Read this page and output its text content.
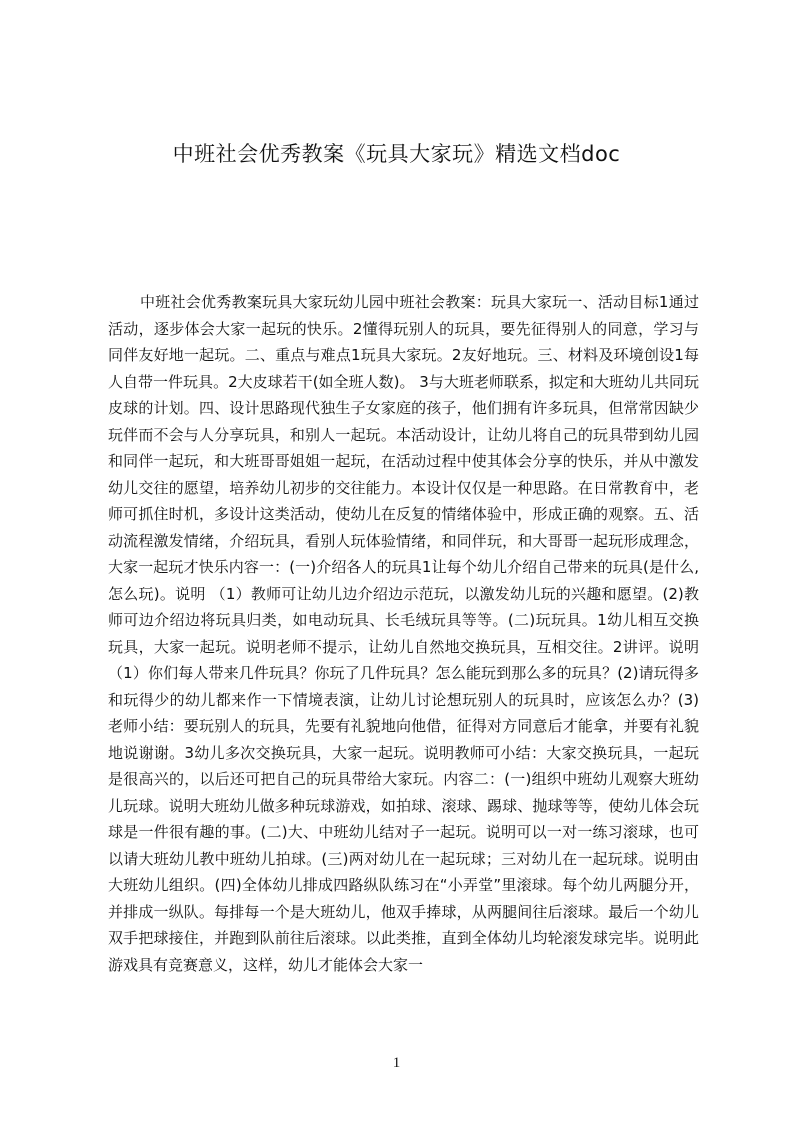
中班社会优秀教案《玩具大家玩》精选文档doc

中班社会优秀教案玩具大家玩幼儿园中班社会教案：玩具大家玩一、活动目标1通过活动，逐步体会大家一起玩的快乐。2懂得玩别人的玩具，要先征得别人的同意，学习与同伴友好地一起玩。二、重点与难点1玩具大家玩。2友好地玩。三、材料及环境创设1每人自带一件玩具。2大皮球若干(如全班人数)。 3与大班老师联系，拟定和大班幼儿共同玩皮球的计划。四、设计思路现代独生子女家庭的孩子，他们拥有许多玩具，但常常因缺少玩伴而不会与人分享玩具，和别人一起玩。本活动设计，让幼儿将自己的玩具带到幼儿园和同伴一起玩，和大班哥哥姐姐一起玩，在活动过程中使其体会分享的快乐，并从中激发幼儿交往的愿望，培养幼儿初步的交往能力。本设计仅仅是一种思路。在日常教育中，老师可抓住时机，多设计这类活动，使幼儿在反复的情绪体验中，形成正确的观察。五、活动流程激发情绪，介绍玩具，看别人玩体验情绪，和同伴玩，和大哥哥一起玩形成理念，大家一起玩才快乐内容一：(一)介绍各人的玩具1让每个幼儿介绍自己带来的玩具(是什么,怎么玩)。说明 （1）教师可让幼儿边介绍边示范玩，以激发幼儿玩的兴趣和愿望。(2)教师可边介绍边将玩具归类，如电动玩具、长毛绒玩具等等。(二)玩玩具。1幼儿相互交换玩具，大家一起玩。说明老师不提示，让幼儿自然地交换玩具，互相交往。2讲评。说明（1）你们每人带来几件玩具？你玩了几件玩具？怎么能玩到那么多的玩具？(2)请玩得多和玩得少的幼儿都来作一下情境表演，让幼儿讨论想玩别人的玩具时，应该怎么办？(3)老师小结：要玩别人的玩具，先要有礼貌地向他借，征得对方同意后才能拿，并要有礼貌地说谢谢。3幼儿多次交换玩具，大家一起玩。说明教师可小结：大家交换玩具，一起玩是很高兴的，以后还可把自己的玩具带给大家玩。内容二：(一)组织中班幼儿观察大班幼儿玩球。说明大班幼儿做多种玩球游戏，如拍球、滚球、踢球、抛球等等，使幼儿体会玩球是一件很有趣的事。(二)大、中班幼儿结对子一起玩。说明可以一对一练习滚球，也可以请大班幼儿教中班幼儿拍球。(三)两对幼儿在一起玩球；三对幼儿在一起玩球。说明由大班幼儿组织。(四)全体幼儿排成四路纵队练习在“小弄堂”里滚球。每个幼儿两腿分开，并排成一纵队。每排每一个是大班幼儿，他双手捧球，从两腿间往后滚球。最后一个幼儿双手把球接住，并跑到队前往后滚球。以此类推，直到全体幼儿均轮滚发球完毕。说明此游戏具有竞赛意义，这样，幼儿才能体会大家一

1
